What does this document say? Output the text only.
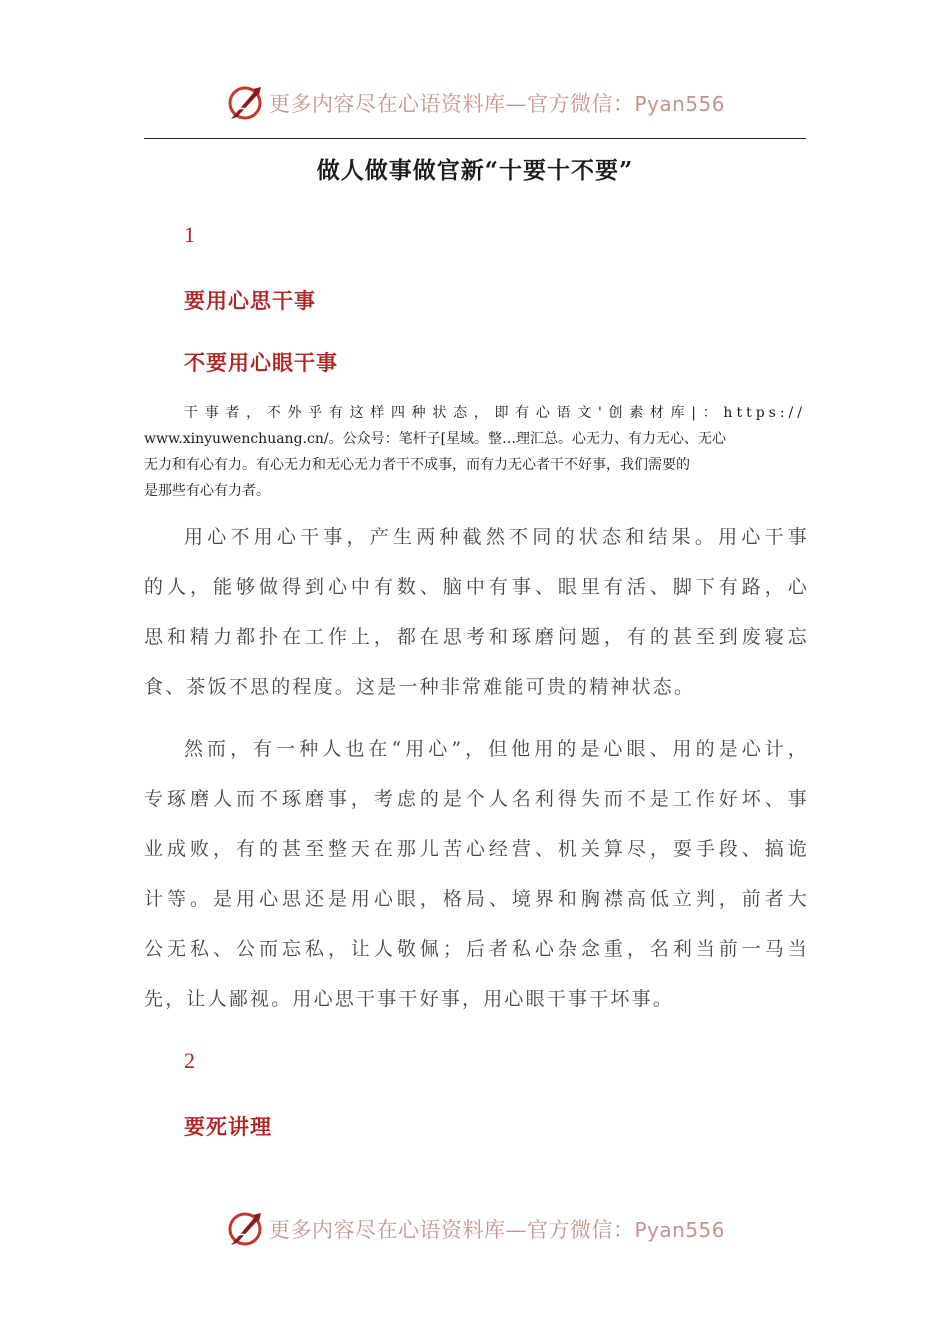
更多内容尽在心语资料库—官方微信：Pyan556
做人做事做官新“十要十不要”
1
要用心思干事
不要用心眼干事
干事者，不外乎有这样四种状态，即有心语文'创素材库|：https://
www.xinyuwenchuang.cn/。公众号：笔杆子[星域。整…理汇总。心无力、有力无心、无心
无力和有心有力。有心无力和无心无力者干不成事，而有力无心者干不好事，我们需要的
是那些有心有力者。
用心不用心干事，产生两种截然不同的状态和结果。用心干事
的人，能够做得到心中有数、脑中有事、眼里有活、脚下有路，心
思和精力都扑在工作上，都在思考和琢磨问题，有的甚至到废寝忘
食、茶饭不思的程度。这是一种非常难能可贵的精神状态。
然而，有一种人也在“用心”，但他用的是心眼、用的是心计，
专琢磨人而不琢磨事，考虑的是个人名利得失而不是工作好坏、事
业成败，有的甚至整天在那儿苦心经营、机关算尽，耍手段、搞诡
计等。是用心思还是用心眼，格局、境界和胸襟高低立判，前者大
公无私、公而忘私，让人敬佩；后者私心杂念重，名利当前一马当
先，让人鄙视。用心思干事干好事，用心眼干事干坏事。
2
要死讲理
更多内容尽在心语资料库—官方微信：Pyan556
